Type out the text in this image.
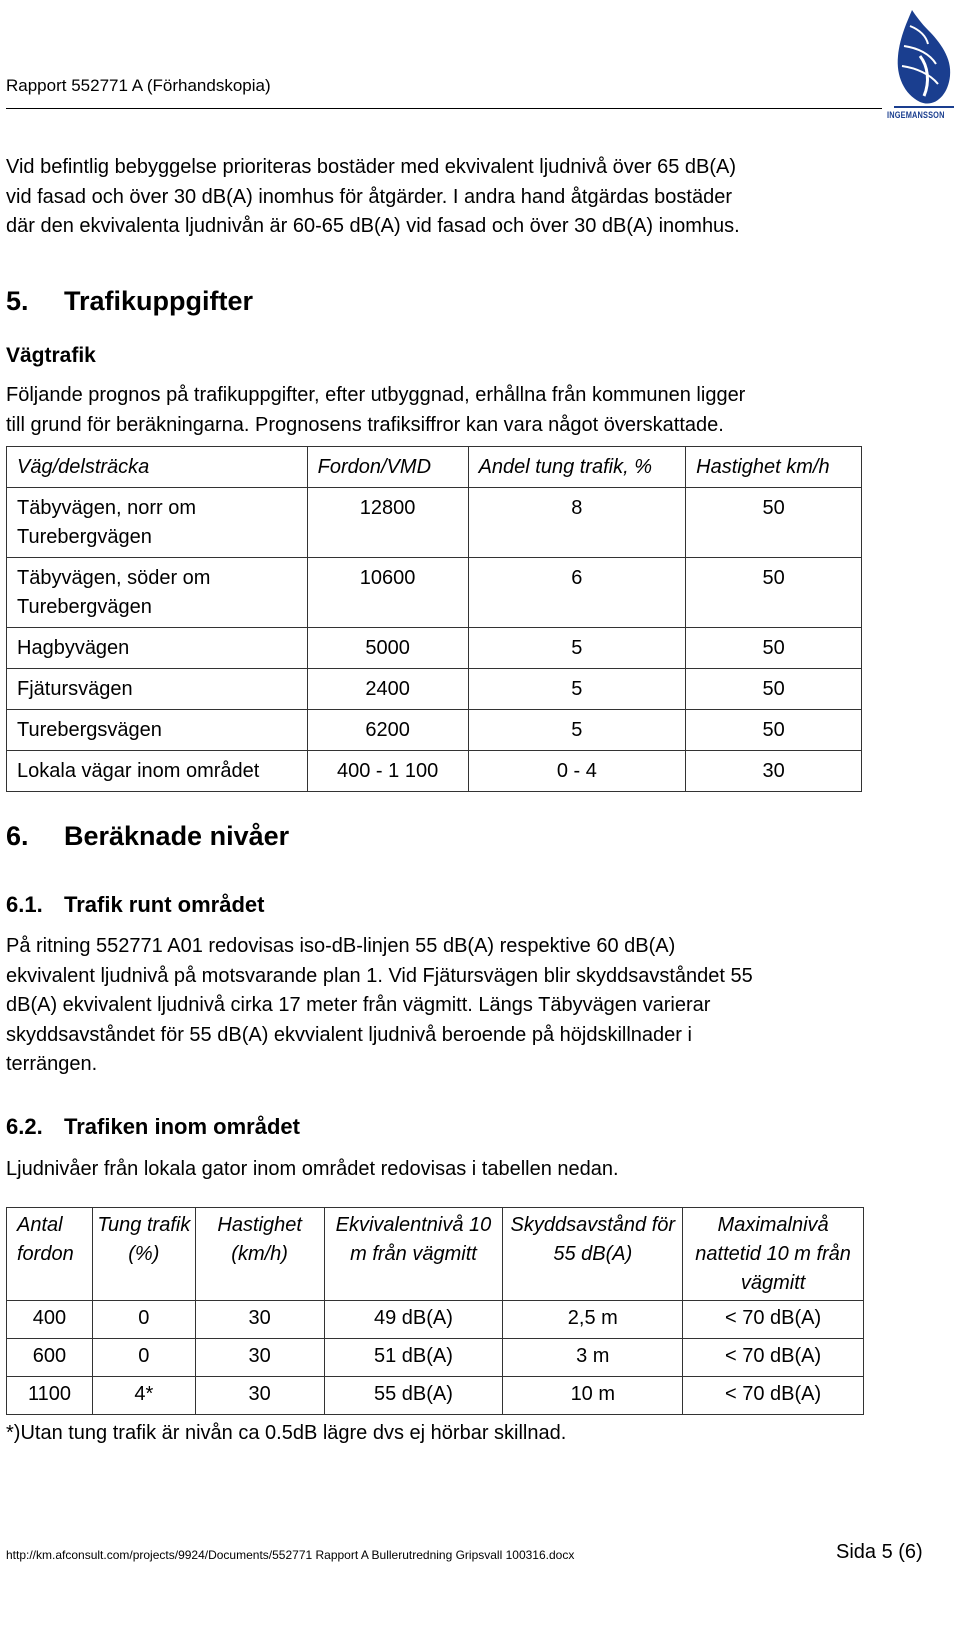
Rapport 552771 A (Förhandskopia)
INGEMANSSON
Vid befintlig bebyggelse prioriteras bostäder med ekvivalent ljudnivå över 65 dB(A)
vid fasad och över 30 dB(A) inomhus för åtgärder. I andra hand åtgärdas bostäder
där den ekvivalenta ljudnivån är 60-65 dB(A) vid fasad och över 30 dB(A) inomhus.
5. Trafikuppgifter
Vägtrafik
Följande prognos på trafikuppgifter, efter utbyggnad, erhållna från kommunen ligger
till grund för beräkningarna. Prognosens trafiksiffror kan vara något överskattade.
Väg/delsträcka	Fordon/VMD	Andel tung trafik, %	Hastighet km/h
Täbyvägen, norr om Turebergvägen	12800	8	50
Täbyvägen, söder om Turebergvägen	10600	6	50
Hagbyvägen	5000	5	50
Fjätursvägen	2400	5	50
Turebergsvägen	6200	5	50
Lokala vägar inom området	400 - 1 100	0 - 4	30
6. Beräknade nivåer
6.1. Trafik runt området
På ritning 552771 A01 redovisas iso-dB-linjen 55 dB(A) respektive 60 dB(A)
ekvivalent ljudnivå på motsvarande plan 1. Vid Fjätursvägen blir skyddsavståndet 55
dB(A) ekvivalent ljudnivå cirka 17 meter från vägmitt. Längs Täbyvägen varierar
skyddsavståndet för 55 dB(A) ekvvialent ljudnivå beroende på höjdskillnader i
terrängen.
6.2. Trafiken inom området
Ljudnivåer från lokala gator inom området redovisas i tabellen nedan.
Antal fordon	Tung trafik (%)	Hastighet (km/h)	Ekvivalentnivå 10 m från vägmitt	Skyddsavstånd för 55 dB(A)	Maximalnivå nattetid 10 m från vägmitt
400	0	30	49 dB(A)	2,5 m	< 70 dB(A)
600	0	30	51 dB(A)	3 m	< 70 dB(A)
1100	4*	30	55 dB(A)	10 m	< 70 dB(A)
*)Utan tung trafik är nivån ca 0.5dB lägre dvs ej hörbar skillnad.
http://km.afconsult.com/projects/9924/Documents/552771 Rapport A Bullerutredning Gripsvall 100316.docx	Sida 5 (6)
